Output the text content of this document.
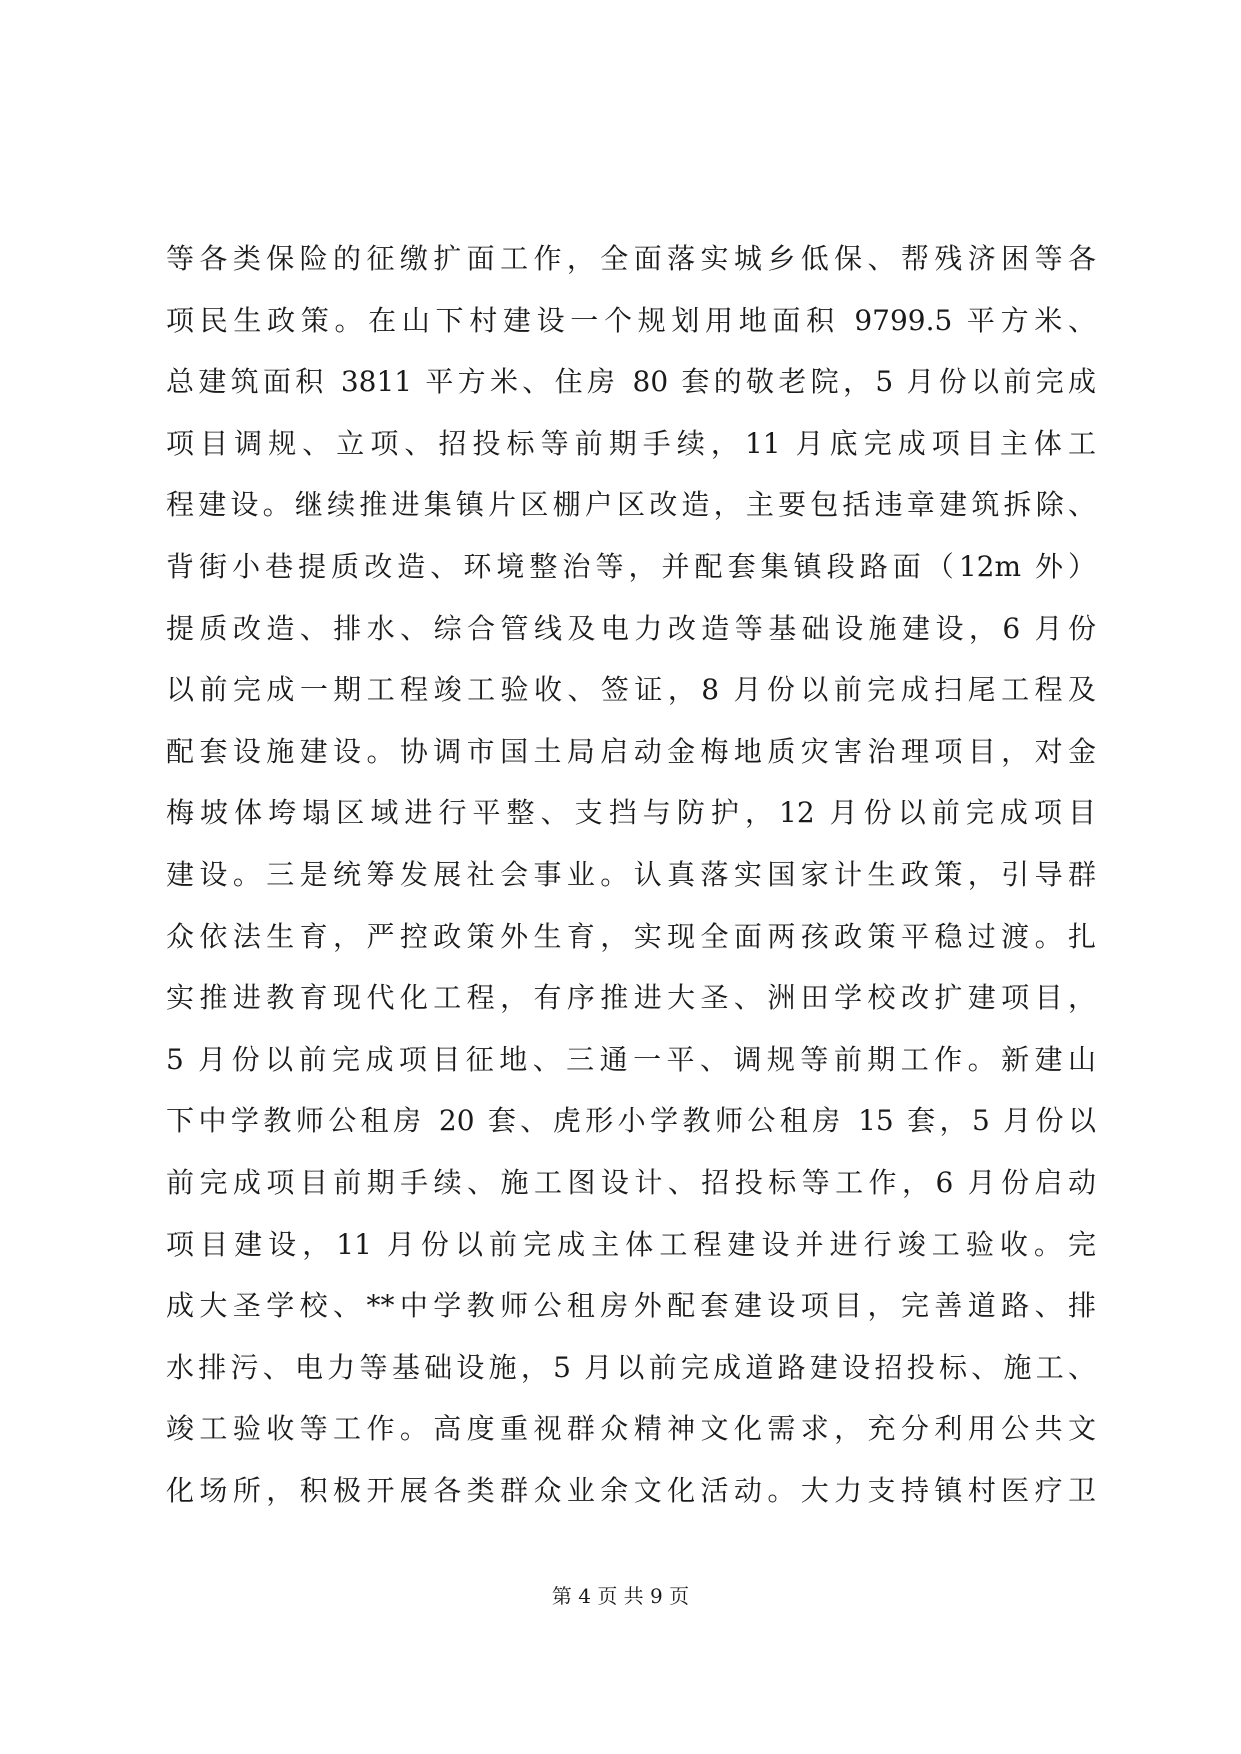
等各类保险的征缴扩面工作，全面落实城乡低保、帮残济困等各
项民生政策。在山下村建设一个规划用地面积 9799.5 平方米、
总建筑面积 3811 平方米、住房 80 套的敬老院，5 月份以前完成
项目调规、立项、招投标等前期手续，11 月底完成项目主体工
程建设。继续推进集镇片区棚户区改造，主要包括违章建筑拆除、
背街小巷提质改造、环境整治等，并配套集镇段路面（12m 外）
提质改造、排水、综合管线及电力改造等基础设施建设，6 月份
以前完成一期工程竣工验收、签证，8 月份以前完成扫尾工程及
配套设施建设。协调市国土局启动金梅地质灾害治理项目，对金
梅坡体垮塌区域进行平整、支挡与防护，12 月份以前完成项目
建设。三是统筹发展社会事业。认真落实国家计生政策，引导群
众依法生育，严控政策外生育，实现全面两孩政策平稳过渡。扎
实推进教育现代化工程，有序推进大圣、洲田学校改扩建项目，
5 月份以前完成项目征地、三通一平、调规等前期工作。新建山
下中学教师公租房 20 套、虎形小学教师公租房 15 套，5 月份以
前完成项目前期手续、施工图设计、招投标等工作，6 月份启动
项目建设，11 月份以前完成主体工程建设并进行竣工验收。完
成大圣学校、**中学教师公租房外配套建设项目，完善道路、排
水排污、电力等基础设施，5 月以前完成道路建设招投标、施工、
竣工验收等工作。高度重视群众精神文化需求，充分利用公共文
化场所，积极开展各类群众业余文化活动。大力支持镇村医疗卫
第 4 页 共 9 页
